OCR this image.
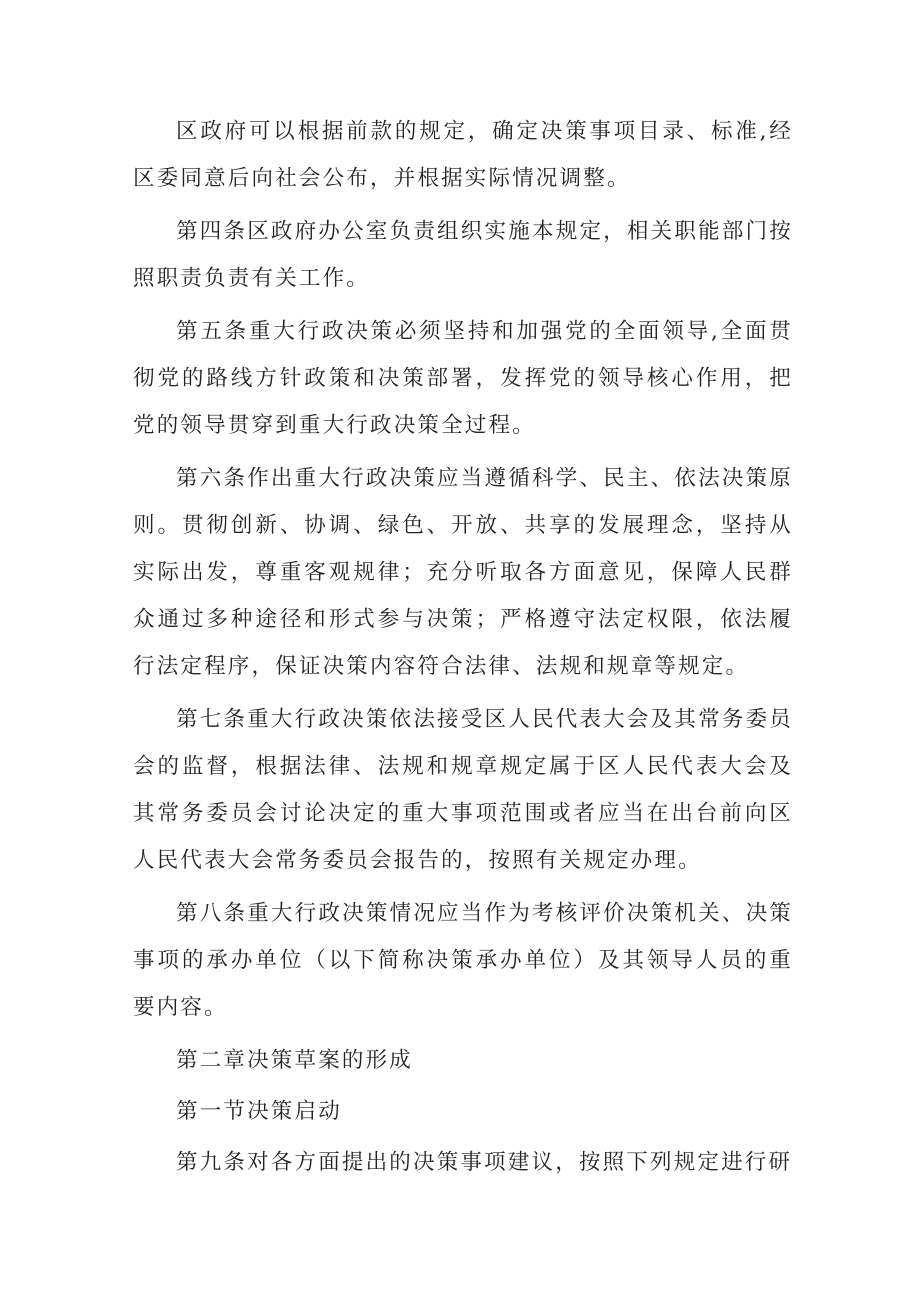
区政府可以根据前款的规定，确定决策事项目录、标准,经区委同意后向社会公布，并根据实际情况调整。

第四条区政府办公室负责组织实施本规定，相关职能部门按照职责负责有关工作。

第五条重大行政决策必须坚持和加强党的全面领导,全面贯彻党的路线方针政策和决策部署，发挥党的领导核心作用，把党的领导贯穿到重大行政决策全过程。

第六条作出重大行政决策应当遵循科学、民主、依法决策原则。贯彻创新、协调、绿色、开放、共享的发展理念，坚持从实际出发，尊重客观规律；充分听取各方面意见，保障人民群众通过多种途径和形式参与决策；严格遵守法定权限，依法履行法定程序，保证决策内容符合法律、法规和规章等规定。

第七条重大行政决策依法接受区人民代表大会及其常务委员会的监督，根据法律、法规和规章规定属于区人民代表大会及其常务委员会讨论决定的重大事项范围或者应当在出台前向区人民代表大会常务委员会报告的，按照有关规定办理。

第八条重大行政决策情况应当作为考核评价决策机关、决策事项的承办单位（以下简称决策承办单位）及其领导人员的重要内容。

第二章决策草案的形成

第一节决策启动

第九条对各方面提出的决策事项建议，按照下列规定进行研
